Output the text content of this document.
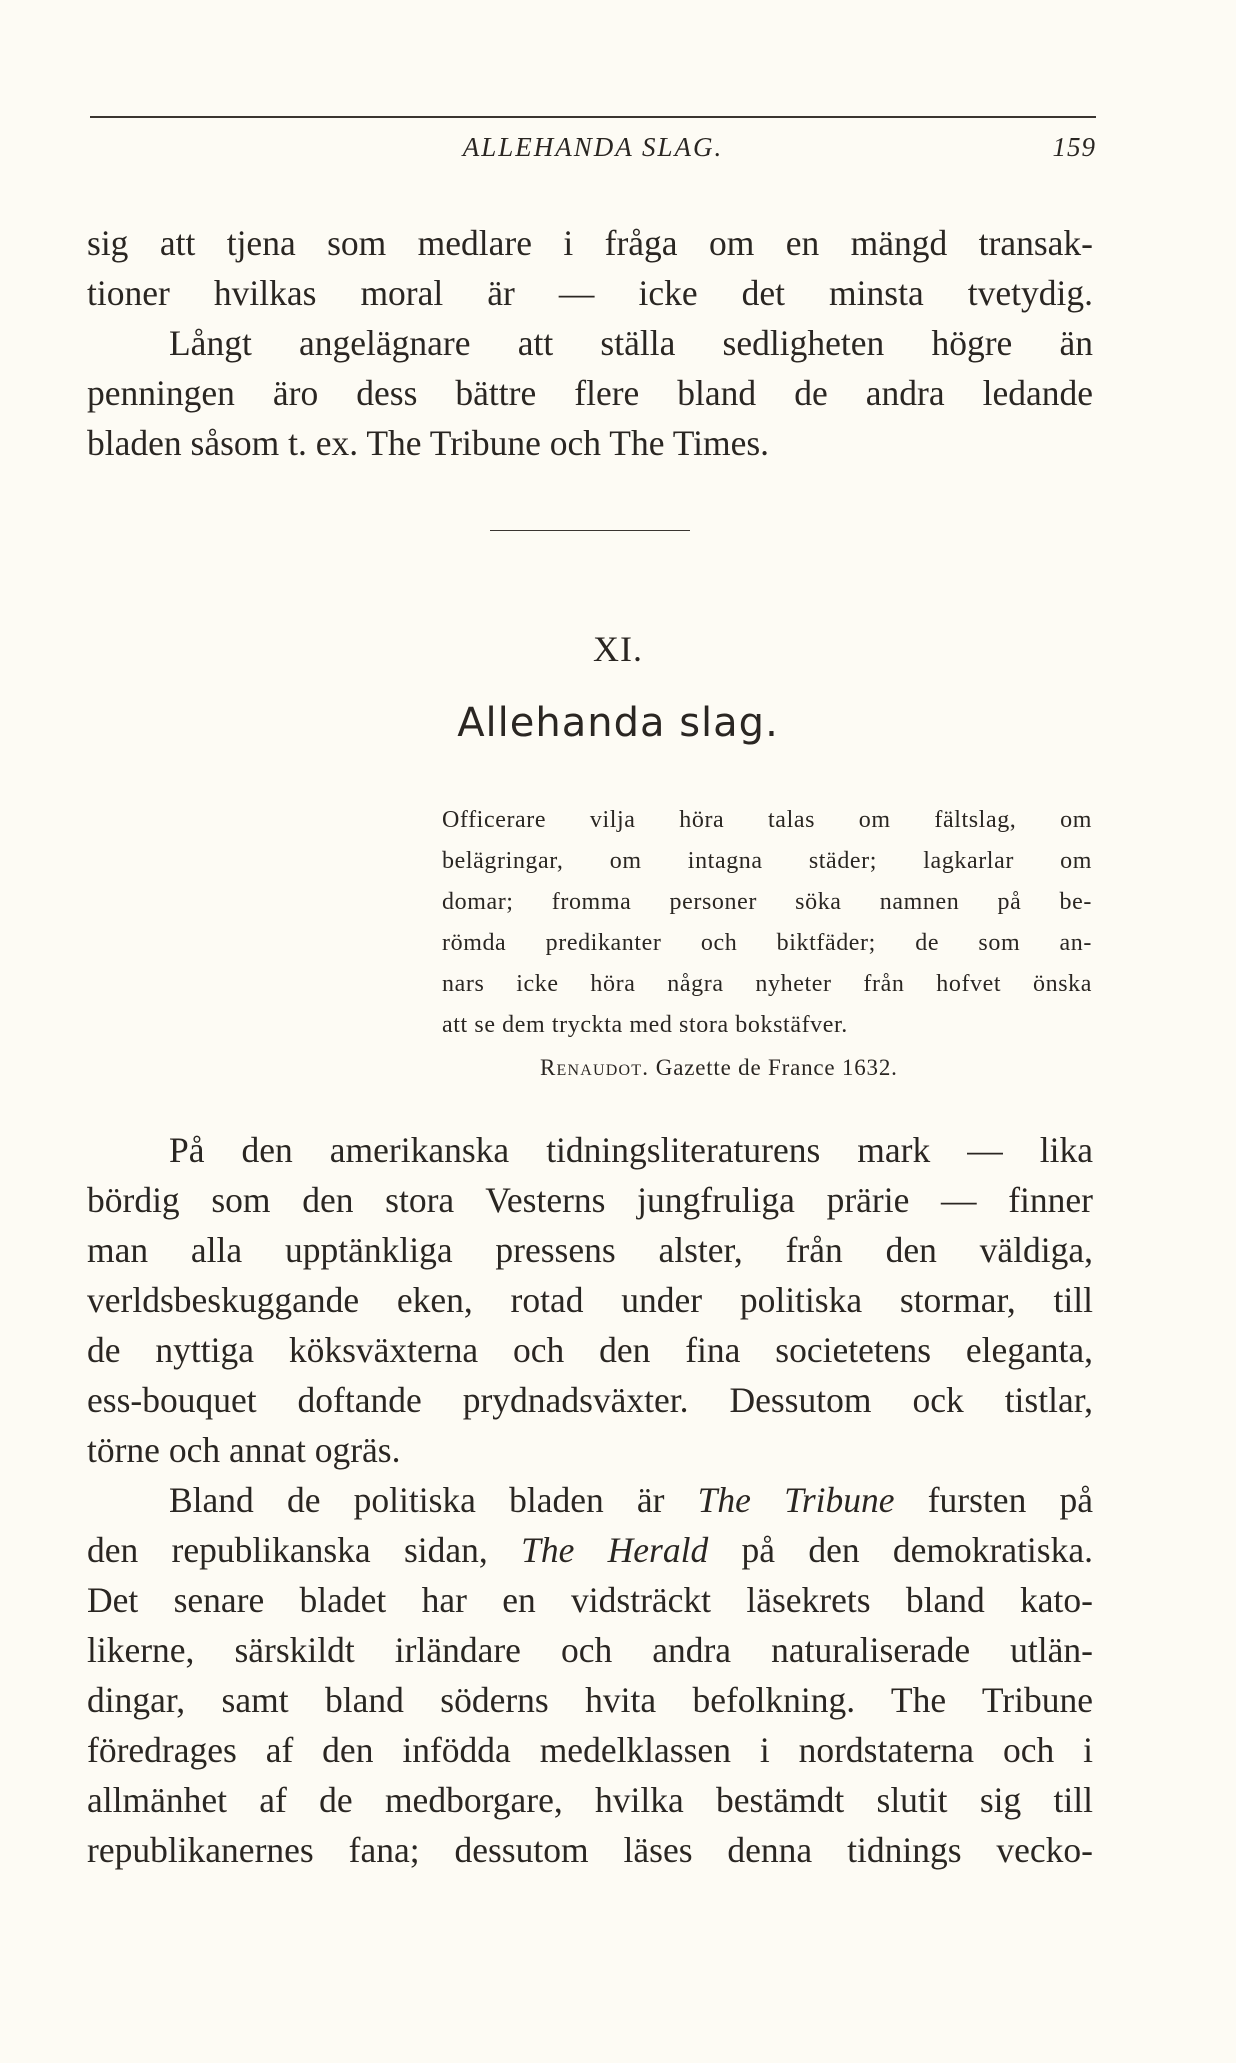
ALLEHANDA SLAG.	159
sig att tjena som medlare i fråga om en mängd transak-
tioner hvilkas moral är — icke det minsta tvetydig.
Långt angelägnare att ställa sedligheten högre än
penningen äro dess bättre flere bland de andra ledande
bladen såsom t. ex. The Tribune och The Times.
XI.
Allehanda slag.
Officerare vilja höra talas om fältslag, om
belägringar, om intagna städer; lagkarlar om
domar; fromma personer söka namnen på be-
römda predikanter och biktfäder; de som an-
nars icke höra några nyheter från hofvet önska
att se dem tryckta med stora bokstäfver.
Renaudot. Gazette de France 1632.
På den amerikanska tidningsliteraturens mark — lika
bördig som den stora Vesterns jungfruliga prärie — finner
man alla upptänkliga pressens alster, från den väldiga,
verldsbeskuggande eken, rotad under politiska stormar, till
de nyttiga köksväxterna och den fina societetens eleganta,
ess-bouquet doftande prydnadsväxter. Dessutom ock tistlar,
törne och annat ogräs.
Bland de politiska bladen är The Tribune fursten på
den republikanska sidan, The Herald på den demokratiska.
Det senare bladet har en vidsträckt läsekrets bland kato-
likerne, särskildt irländare och andra naturaliserade utlän-
dingar, samt bland söderns hvita befolkning. The Tribune
föredrages af den infödda medelklassen i nordstaterna och i
allmänhet af de medborgare, hvilka bestämdt slutit sig till
republikanernes fana; dessutom läses denna tidnings vecko-
